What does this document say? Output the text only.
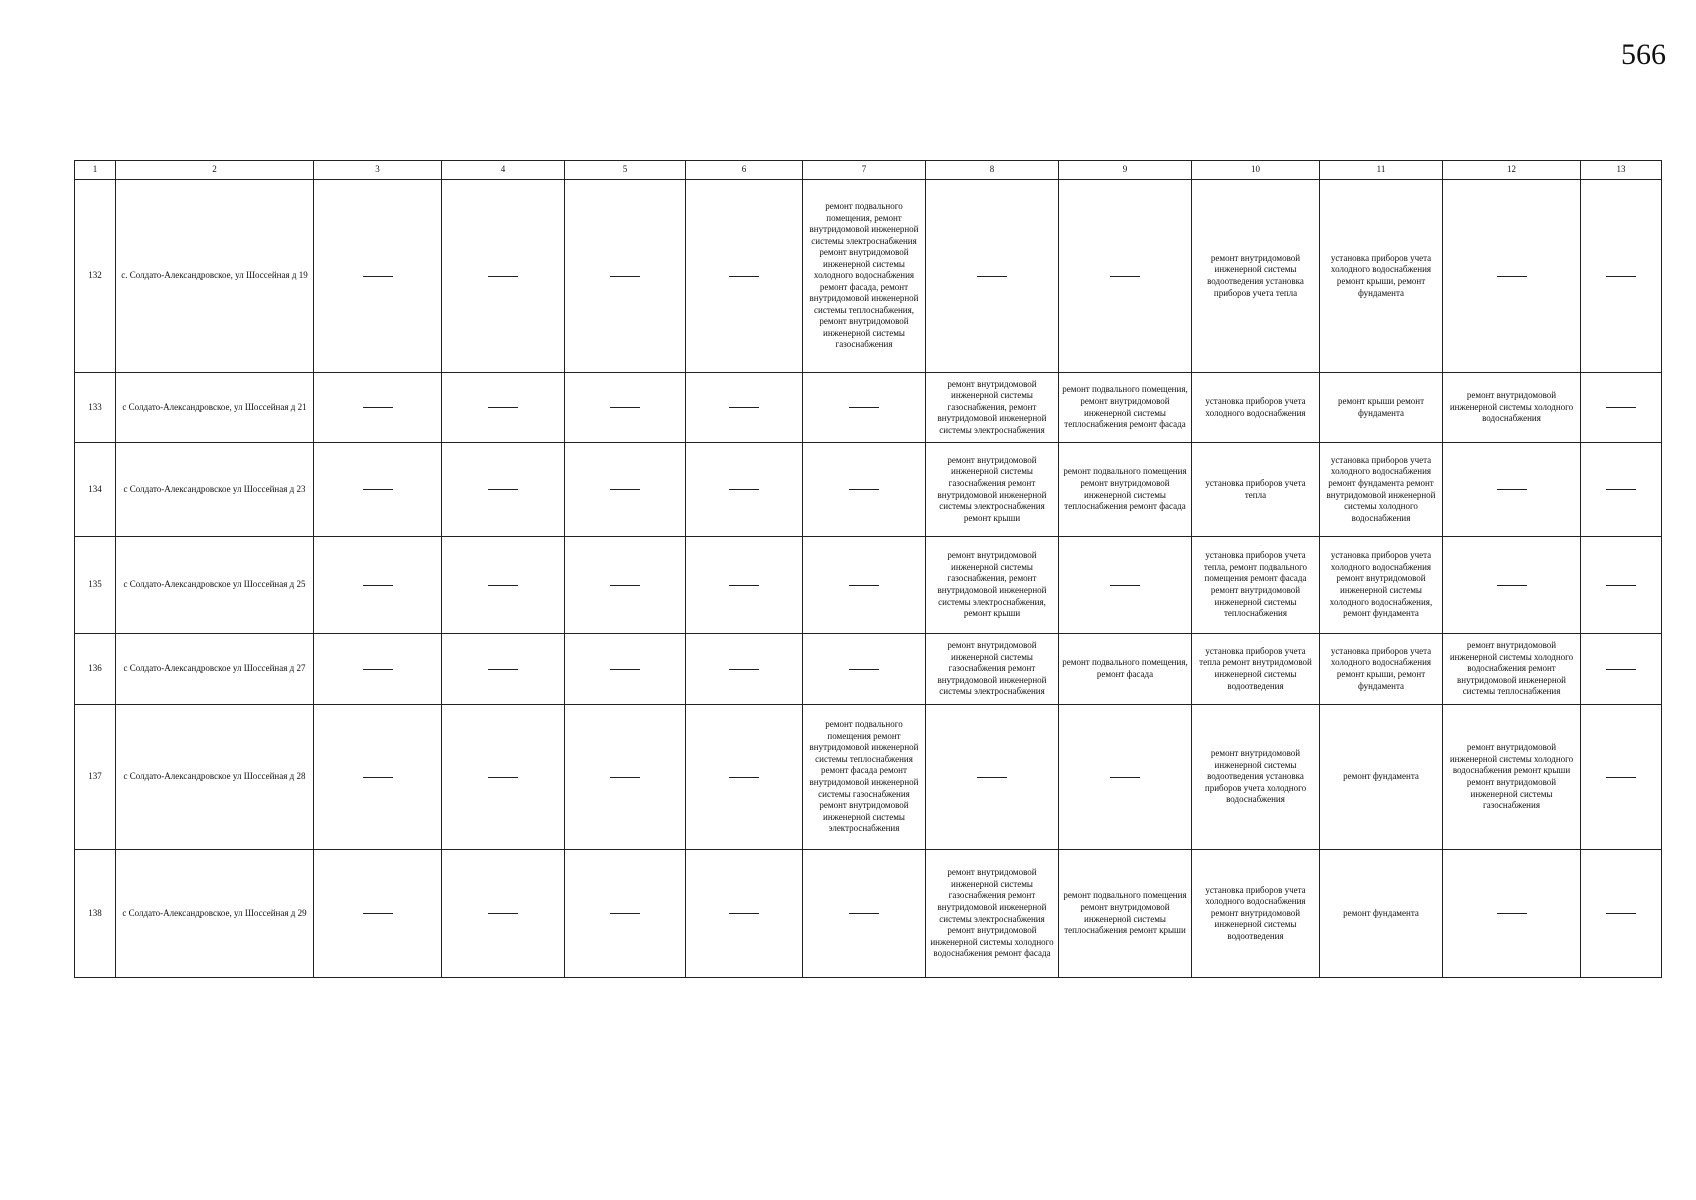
566
1	2	3	4	5	6	7	8	9	10	11	12	13
132	с. Солдато-Александровское, ул Шоссейная д 19					ремонт подвального помещения, ремонт внутридомовой инженерной системы электроснабжения ремонт внутридомовой инженерной системы холодного водоснабжения ремонт фасада, ремонт внутридомовой инженерной системы теплоснабжения, ремонт внутридомовой инженерной системы газоснабжения			ремонт внутридомовой инженерной системы водоотведения установка приборов учета тепла	установка приборов учета холодного водоснабжения ремонт крыши, ремонт фундамента		

133	с Солдато-Александровское, ул Шоссейная д 21						ремонт внутридомовой инженерной системы газоснабжения, ремонт внутридомовой инженерной системы электроснабжения	ремонт подвального помещения, ремонт внутридомовой инженерной системы теплоснабжения ремонт фасада	установка приборов учета холодного водоснабжения	ремонт крыши ремонт фундамента	ремонт внутридомовой инженерной системы холодного водоснабжения	

134	с Солдато-Александровское ул Шоссейная д 23						ремонт внутридомовой инженерной системы газоснабжения ремонт внутридомовой инженерной системы электроснабжения ремонт крыши	ремонт подвального помещения ремонт внутридомовой инженерной системы теплоснабжения ремонт фасада	установка приборов учета тепла	установка приборов учета холодного водоснабжения ремонт фундамента ремонт внутридомовой инженерной системы холодного водоснабжения		

135	с Солдато-Александровское ул Шоссейная д 25						ремонт внутридомовой инженерной системы газоснабжения, ремонт внутридомовой инженерной системы электроснабжения, ремонт крыши		установка приборов учета тепла, ремонт подвального помещения ремонт фасада ремонт внутридомовой инженерной системы теплоснабжения	установка приборов учета холодного водоснабжения ремонт внутридомовой инженерной системы холодного водоснабжения, ремонт фундамента		

136	с Солдато-Александровское ул Шоссейная д 27						ремонт внутридомовой инженерной системы газоснабжения ремонт внутридомовой инженерной системы электроснабжения	ремонт подвального помещения, ремонт фасада	установка приборов учета тепла ремонт внутридомовой инженерной системы водоотведения	установка приборов учета холодного водоснабжения ремонт крыши, ремонт фундамента	ремонт внутридомовой инженерной системы холодного водоснабжения ремонт внутридомовой инженерной системы теплоснабжения	

137	с Солдато-Александровское ул Шоссейная д 28					ремонт подвального помещения ремонт внутридомовой инженерной системы теплоснабжения ремонт фасада ремонт внутридомовой инженерной системы газоснабжения ремонт внутридомовой инженерной системы электроснабжения			ремонт внутридомовой инженерной системы водоотведения установка приборов учета холодного водоснабжения	ремонт фундамента	ремонт внутридомовой инженерной системы холодного водоснабжения ремонт крыши ремонт внутридомовой инженерной системы газоснабжения	

138	с Солдато-Александровское, ул Шоссейная д 29						ремонт внутридомовой инженерной системы газоснабжения ремонт внутридомовой инженерной системы электроснабжения ремонт внутридомовой инженерной системы холодного водоснабжения ремонт фасада	ремонт подвального помещения ремонт внутридомовой инженерной системы теплоснабжения ремонт крыши	установка приборов учета холодного водоснабжения ремонт внутридомовой инженерной системы водоотведения	ремонт фундамента		
